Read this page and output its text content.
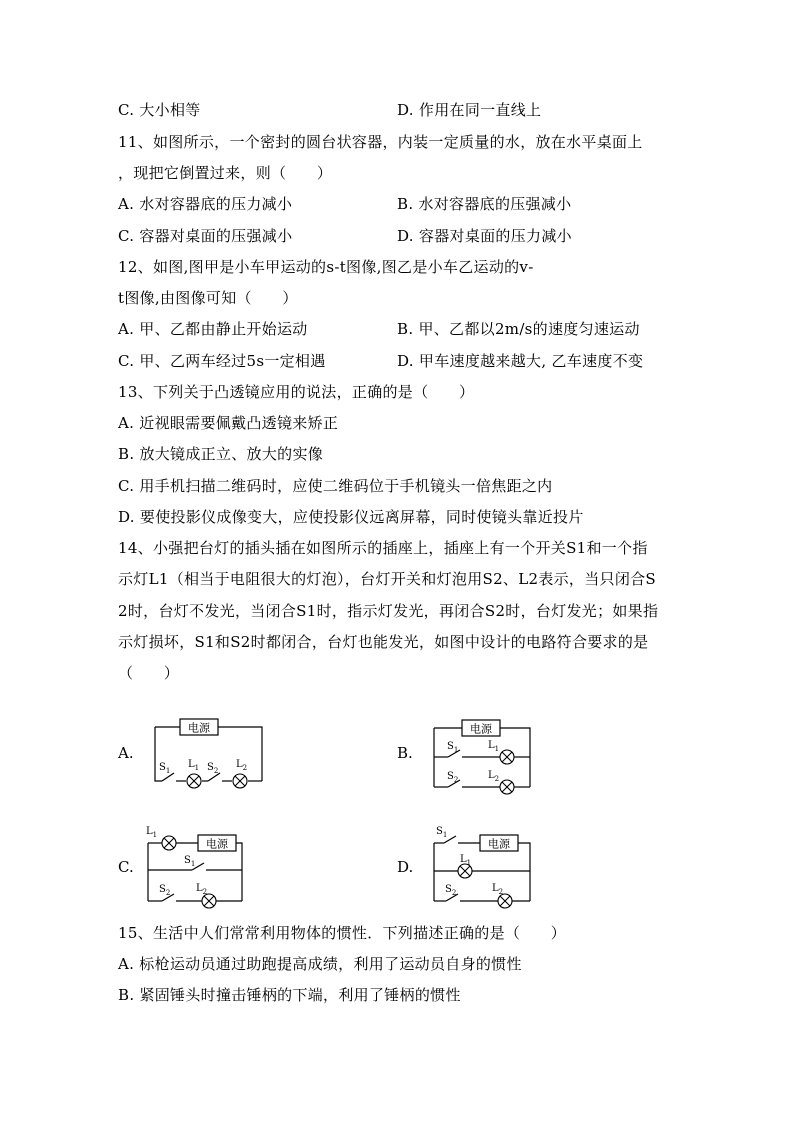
C. 大小相等	D. 作用在同一直线上
11、如图所示，一个密封的圆台状容器，内装一定质量的水，放在水平桌面上
，现把它倒置过来，则（　　）
A. 水对容器底的压力减小	B. 水对容器底的压强减小
C. 容器对桌面的压强减小	D. 容器对桌面的压力减小
12、如图,图甲是小车甲运动的s-t图像,图乙是小车乙运动的v-
t图像,由图像可知（　　）
A. 甲、乙都由静止开始运动	B. 甲、乙都以2m/s的速度匀速运动
C. 甲、乙两车经过5s一定相遇	D. 甲车速度越来越大, 乙车速度不变
13、下列关于凸透镜应用的说法，正确的是（　　）
A. 近视眼需要佩戴凸透镜来矫正
B. 放大镜成正立、放大的实像
C. 用手机扫描二维码时，应使二维码位于手机镜头一倍焦距之内
D. 要使投影仪成像变大，应使投影仪远离屏幕，同时使镜头靠近投片
14、小强把台灯的插头插在如图所示的插座上，插座上有一个开关S1和一个指
示灯L1（相当于电阻很大的灯泡），台灯开关和灯泡用S2、L2表示，当只闭合S
2时，台灯不发光，当闭合S1时，指示灯发光，再闭合S2时，台灯发光；如果指
示灯损坏，S1和S2时都闭合，台灯也能发光，如图中设计的电路符合要求的是
（　　）
A.	B.
C.	D.
电源
$S_1$
$L_1$ $S_2$
$L_2$
电源
$S_1$	$L_1$
$S_2$	$L_2$
电源
$L_1$
$S_1$
$S_2$	$L_2$
电源
$S_1$
$L_1$
$S_2$	$L_2$
15、生活中人们常常利用物体的惯性．下列描述正确的是（　　）
A. 标枪运动员通过助跑提高成绩，利用了运动员自身的惯性
B. 紧固锤头时撞击锤柄的下端，利用了锤柄的惯性
